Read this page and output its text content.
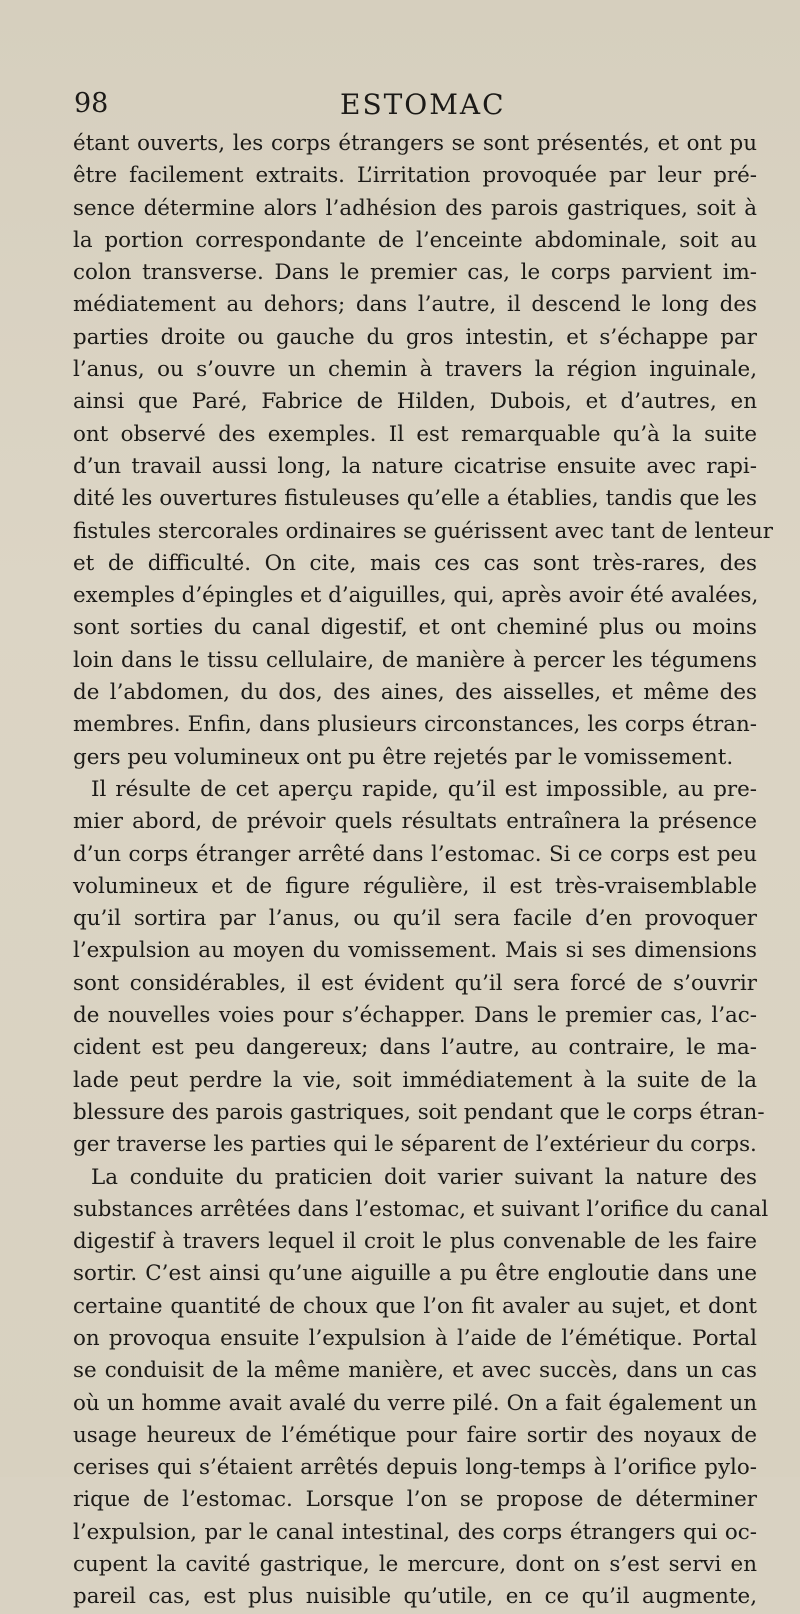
98	ESTOMAC
étant ouverts, les corps étrangers se sont présentés, et ont pu
être facilement extraits. L’irritation provoquée par leur pré-
sence détermine alors l’adhésion des parois gastriques, soit à
la portion correspondante de l’enceinte abdominale, soit au
colon transverse. Dans le premier cas, le corps parvient im-
médiatement au dehors; dans l’autre, il descend le long des
parties droite ou gauche du gros intestin, et s’échappe par
l’anus, ou s’ouvre un chemin à travers la région inguinale,
ainsi que Paré, Fabrice de Hilden, Dubois, et d’autres, en
ont observé des exemples. Il est remarquable qu’à la suite
d’un travail aussi long, la nature cicatrise ensuite avec rapi-
dité les ouvertures fistuleuses qu’elle a établies, tandis que les
fistules stercorales ordinaires se guérissent avec tant de lenteur
et de difficulté. On cite, mais ces cas sont très-rares, des
exemples d’épingles et d’aiguilles, qui, après avoir été avalées,
sont sorties du canal digestif, et ont cheminé plus ou moins
loin dans le tissu cellulaire, de manière à percer les tégumens
de l’abdomen, du dos, des aines, des aisselles, et même des
membres. Enfin, dans plusieurs circonstances, les corps étran-
gers peu volumineux ont pu être rejetés par le vomissement.
Il résulte de cet aperçu rapide, qu’il est impossible, au pre-
mier abord, de prévoir quels résultats entraînera la présence
d’un corps étranger arrêté dans l’estomac. Si ce corps est peu
volumineux et de figure régulière, il est très-vraisemblable
qu’il sortira par l’anus, ou qu’il sera facile d’en provoquer
l’expulsion au moyen du vomissement. Mais si ses dimensions
sont considérables, il est évident qu’il sera forcé de s’ouvrir
de nouvelles voies pour s’échapper. Dans le premier cas, l’ac-
cident est peu dangereux; dans l’autre, au contraire, le ma-
lade peut perdre la vie, soit immédiatement à la suite de la
blessure des parois gastriques, soit pendant que le corps étran-
ger traverse les parties qui le séparent de l’extérieur du corps.
La conduite du praticien doit varier suivant la nature des
substances arrêtées dans l’estomac, et suivant l’orifice du canal
digestif à travers lequel il croit le plus convenable de les faire
sortir. C’est ainsi qu’une aiguille a pu être engloutie dans une
certaine quantité de choux que l’on fit avaler au sujet, et dont
on provoqua ensuite l’expulsion à l’aide de l’émétique. Portal
se conduisit de la même manière, et avec succès, dans un cas
où un homme avait avalé du verre pilé. On a fait également un
usage heureux de l’émétique pour faire sortir des noyaux de
cerises qui s’étaient arrêtés depuis long-temps à l’orifice pylo-
rique de l’estomac. Lorsque l’on se propose de déterminer
l’expulsion, par le canal intestinal, des corps étrangers qui oc-
cupent la cavité gastrique, le mercure, dont on s’est servi en
pareil cas, est plus nuisible qu’utile, en ce qu’il augmente,
